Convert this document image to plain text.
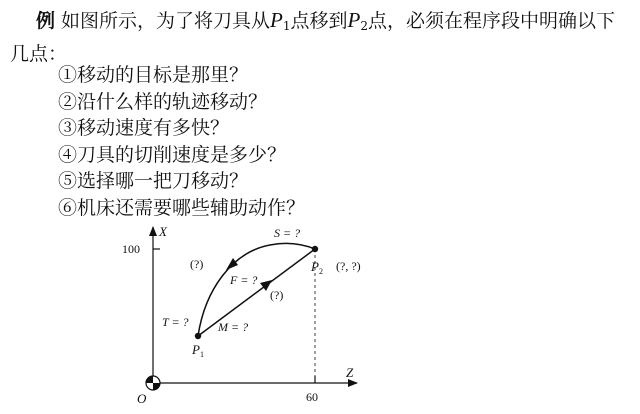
例 如图所示，为了将刀具从$P_1$点移到$P_2$点，必须在程序段中明确以下几点：
①移动的目标是那里？
②沿什么样的轨迹移动？
③移动速度有多快？
④刀具的切削速度是多少？
⑤选择哪一把刀移动？
⑥机床还需要哪些辅助动作？
X
Z
O
100
60
$P_1$
$P_2$ (?, ?)
S = ?
F = ?
T = ? M = ?
(?)
(?)
